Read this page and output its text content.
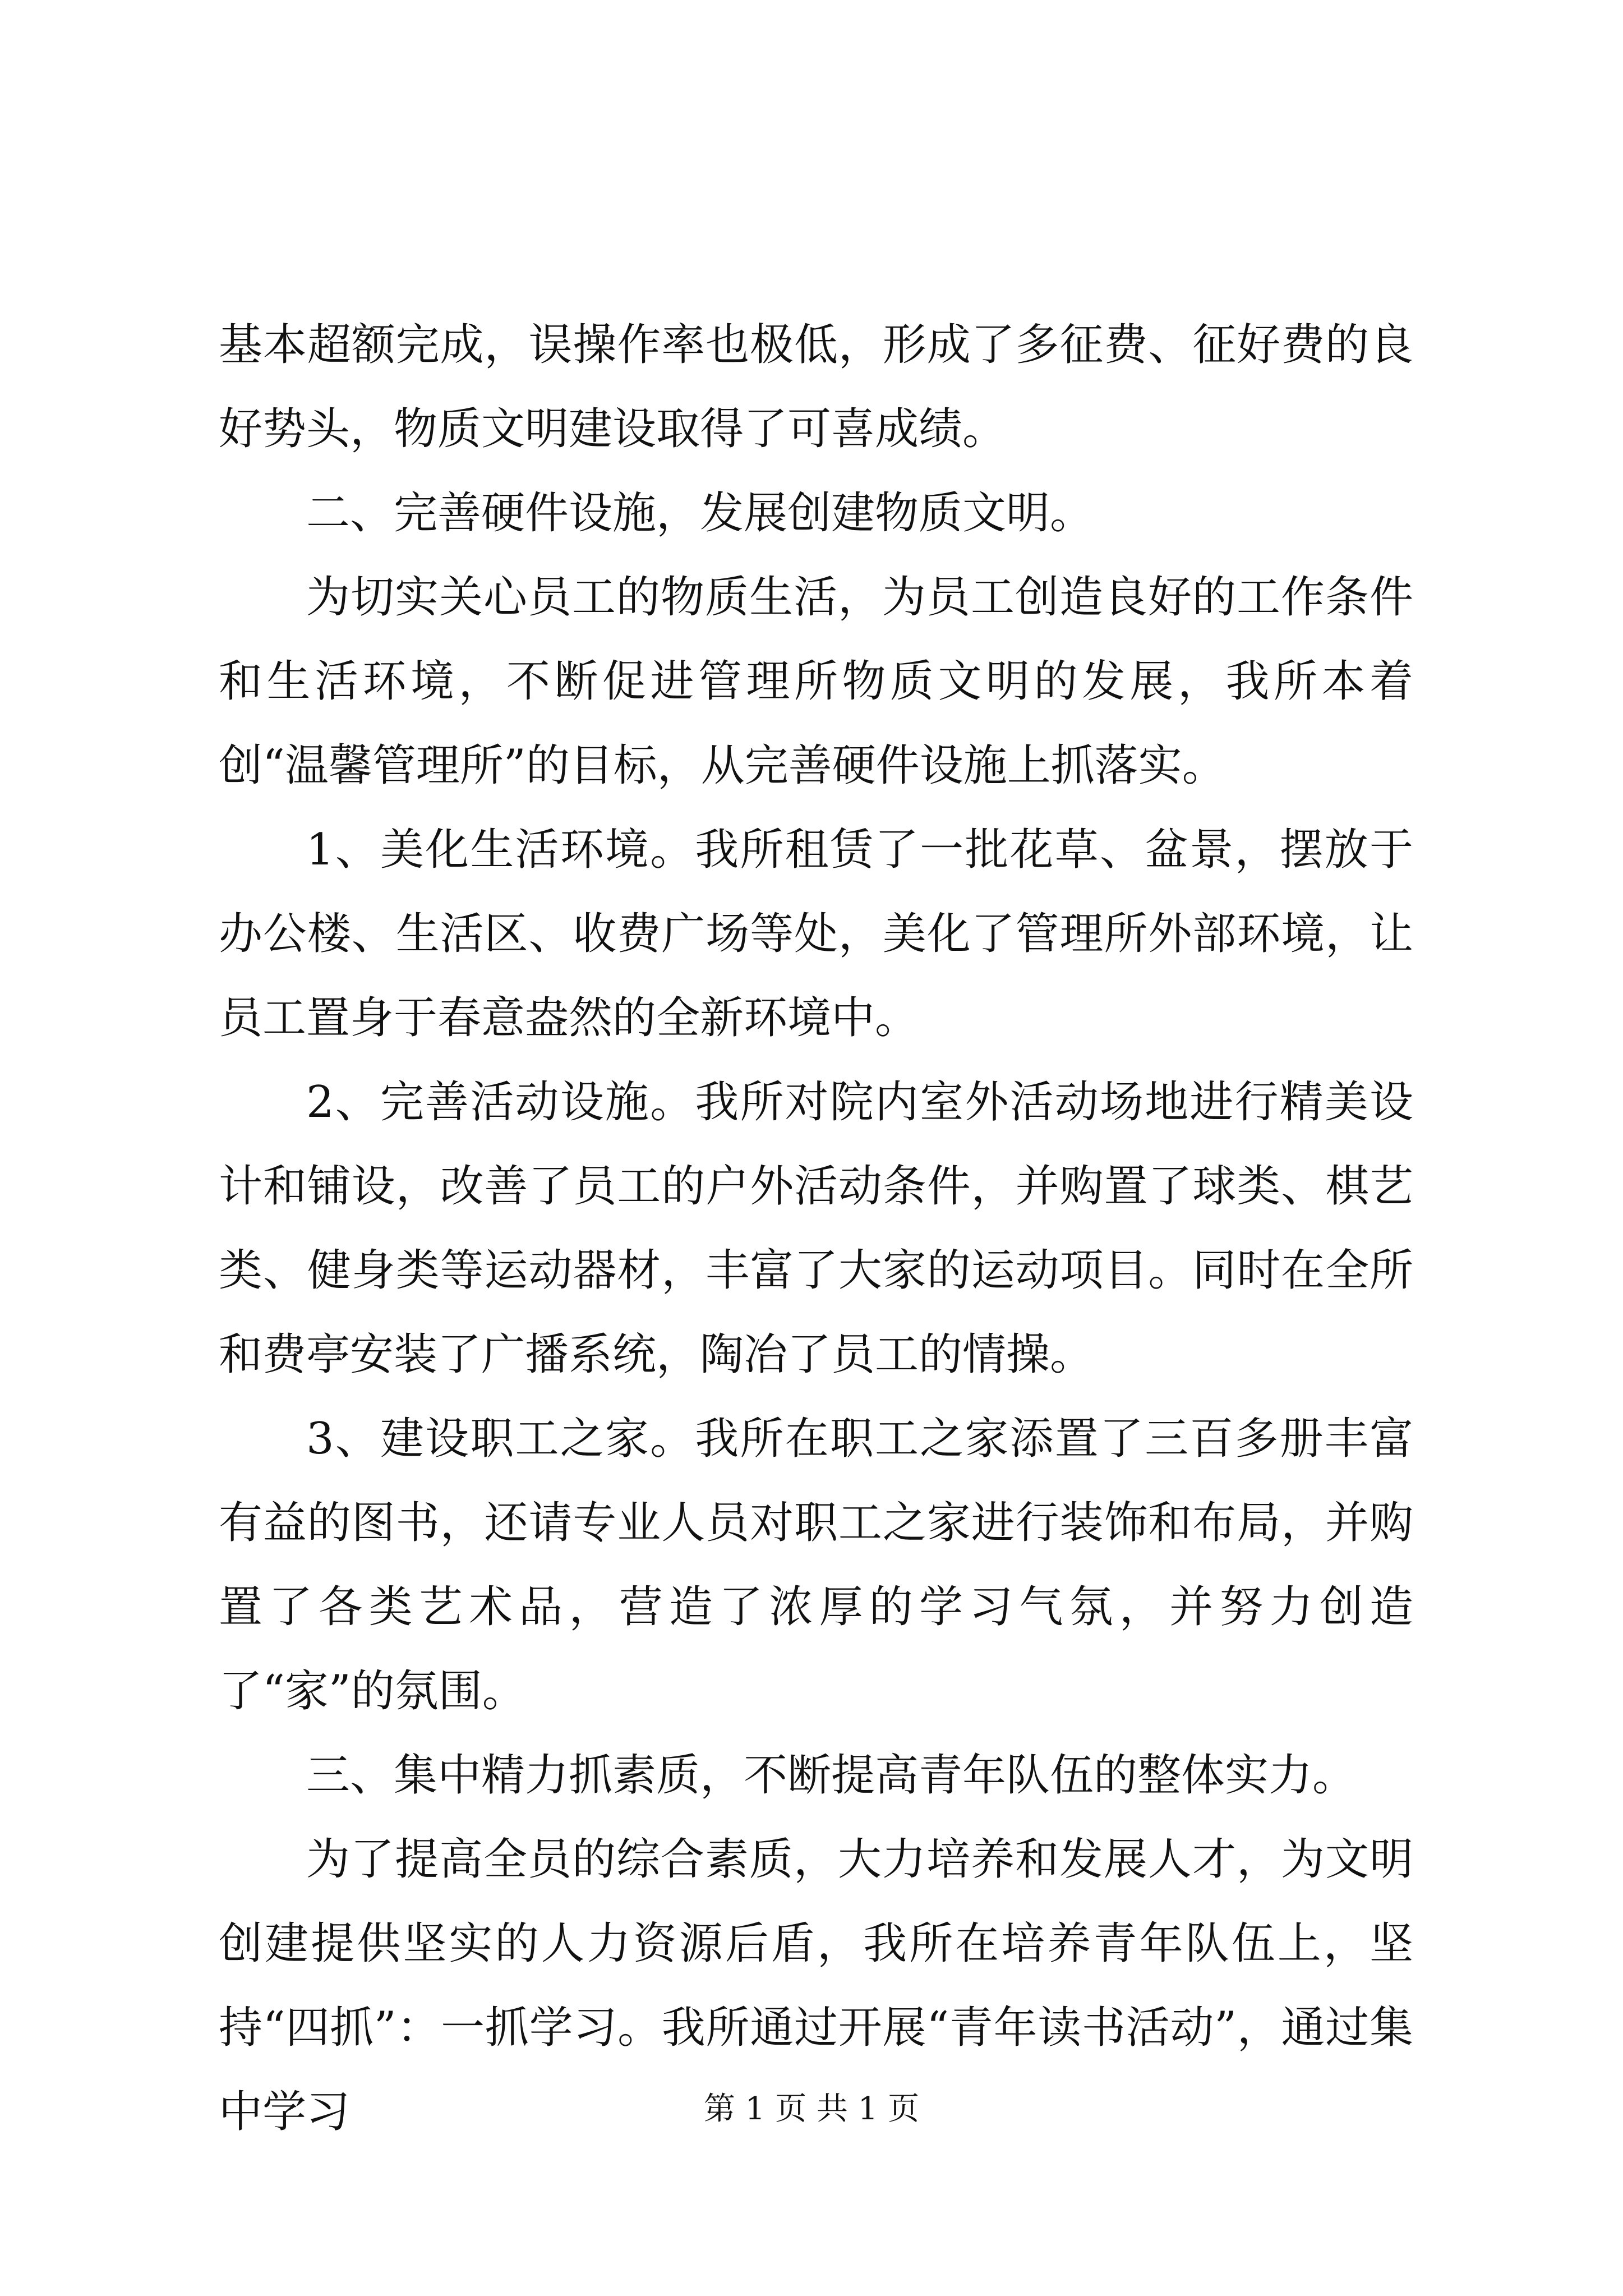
基本超额完成，误操作率也极低，形成了多征费、征好费的良好势头，物质文明建设取得了可喜成绩。

二、完善硬件设施，发展创建物质文明。

为切实关心员工的物质生活，为员工创造良好的工作条件和生活环境，不断促进管理所物质文明的发展，我所本着创“温馨管理所”的目标，从完善硬件设施上抓落实。

1、美化生活环境。我所租赁了一批花草、盆景，摆放于办公楼、生活区、收费广场等处，美化了管理所外部环境，让员工置身于春意盎然的全新环境中。

2、完善活动设施。我所对院内室外活动场地进行精美设计和铺设，改善了员工的户外活动条件，并购置了球类、棋艺类、健身类等运动器材，丰富了大家的运动项目。同时在全所和费亭安装了广播系统，陶冶了员工的情操。

3、建设职工之家。我所在职工之家添置了三百多册丰富有益的图书，还请专业人员对职工之家进行装饰和布局，并购置了各类艺术品，营造了浓厚的学习气氛，并努力创造了“家”的氛围。

三、集中精力抓素质，不断提高青年队伍的整体实力。

为了提高全员的综合素质，大力培养和发展人才，为文明创建提供坚实的人力资源后盾，我所在培养青年队伍上，坚持“四抓”：一抓学习。我所通过开展“青年读书活动”，通过集中学习	第 1 页 共 1 页
